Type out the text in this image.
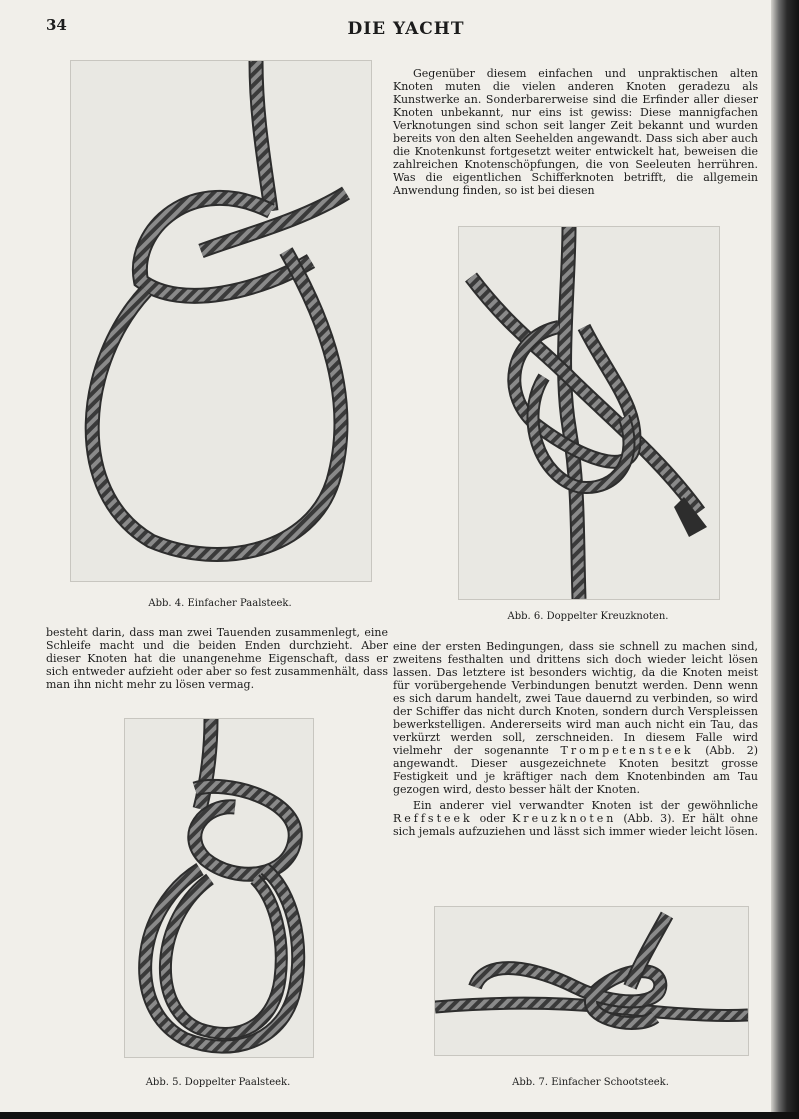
34	DIE YACHT
Abb. 4. Einfacher Paalsteek.

besteht darin, dass man zwei Tauenden zusammenlegt, eine Schleife macht und die beiden Enden durchzieht. Aber dieser Knoten hat die unangenehme Eigenschaft, dass er sich entweder aufzieht oder aber so fest zusammenhält, dass man ihn nicht mehr zu lösen vermag.

Abb. 5. Doppelter Paalsteek.

Gegenüber diesem einfachen und unpraktischen alten Knoten muten die vielen anderen Knoten geradezu als Kunstwerke an. Sonderbarerweise sind die Erfinder aller dieser Knoten unbekannt, nur eins ist gewiss: Diese mannigfachen Verknotungen sind schon seit langer Zeit bekannt und wurden bereits von den alten Seehelden angewandt. Dass sich aber auch die Knotenkunst fortgesetzt weiter entwickelt hat, beweisen die zahlreichen Knotenschöpfungen, die von Seeleuten herrühren. Was die eigentlichen Schifferknoten betrifft, die allgemein Anwendung finden, so ist bei diesen

Abb. 6. Doppelter Kreuzknoten.

eine der ersten Bedingungen, dass sie schnell zu machen sind, zweitens festhalten und drittens sich doch wieder leicht lösen lassen. Das letztere ist besonders wichtig, da die Knoten meist für vorübergehende Verbindungen benutzt werden. Denn wenn es sich darum handelt, zwei Taue dauernd zu verbinden, so wird der Schiffer das nicht durch Knoten, sondern durch Verspleissen bewerkstelligen. Andererseits wird man auch nicht ein Tau, das verkürzt werden soll, zerschneiden. In diesem Falle wird vielmehr der sogenannte Trompetensteek (Abb. 2) angewandt. Dieser ausgezeichnete Knoten besitzt grosse Festigkeit und je kräftiger nach dem Knotenbinden am Tau gezogen wird, desto besser hält der Knoten.

Ein anderer viel verwandter Knoten ist der gewöhnliche Reffsteek oder Kreuzknoten (Abb. 3). Er hält ohne sich jemals aufzuziehen und lässt sich immer wieder leicht lösen.

Abb. 7. Einfacher Schootsteek.
